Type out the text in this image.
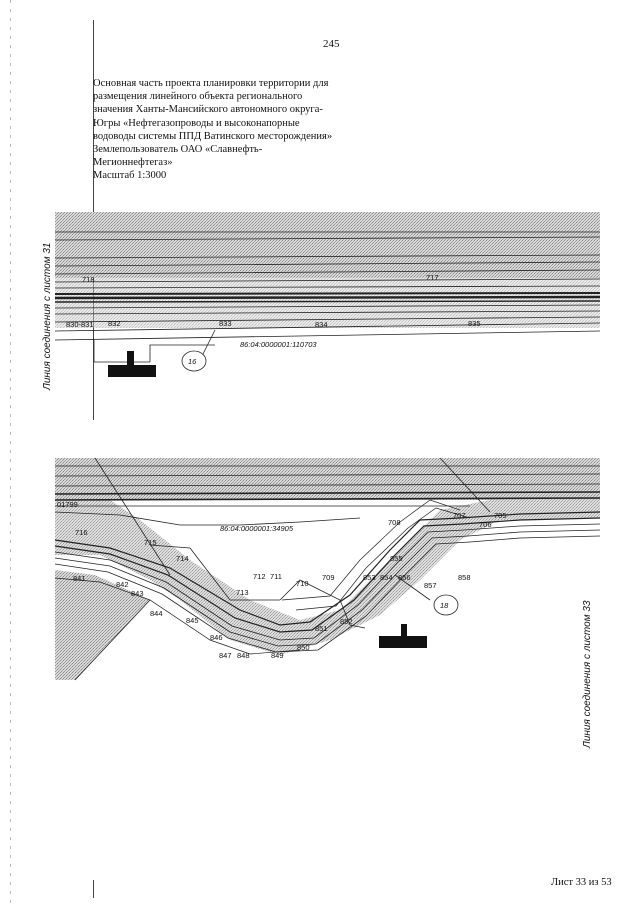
245
Основная часть проекта планировки территории для
размещения линейного объекта регионального
значения Ханты-Мансийского автономного округа-
Югры «Нефтегазопроводы и высоконапорные
водоводы системы ППД Ватинского месторождения»
Землепользователь ОАО «Славнефть-
Мегионнефтегаз»
Масштаб 1:3000
16
86:04:0000001:110703
830-831 832	833	834	835
718	717
Линия соединения с листом 31
18
86:04:0000001:34905
01799
716
715
714
713
712 711
710
709
708
707
706
705
841
842
843
844
845
846
847 848	849
850
851
852
853 854
855
856
857
858
Линия соединения с листом 33
Лист 33 из 53
